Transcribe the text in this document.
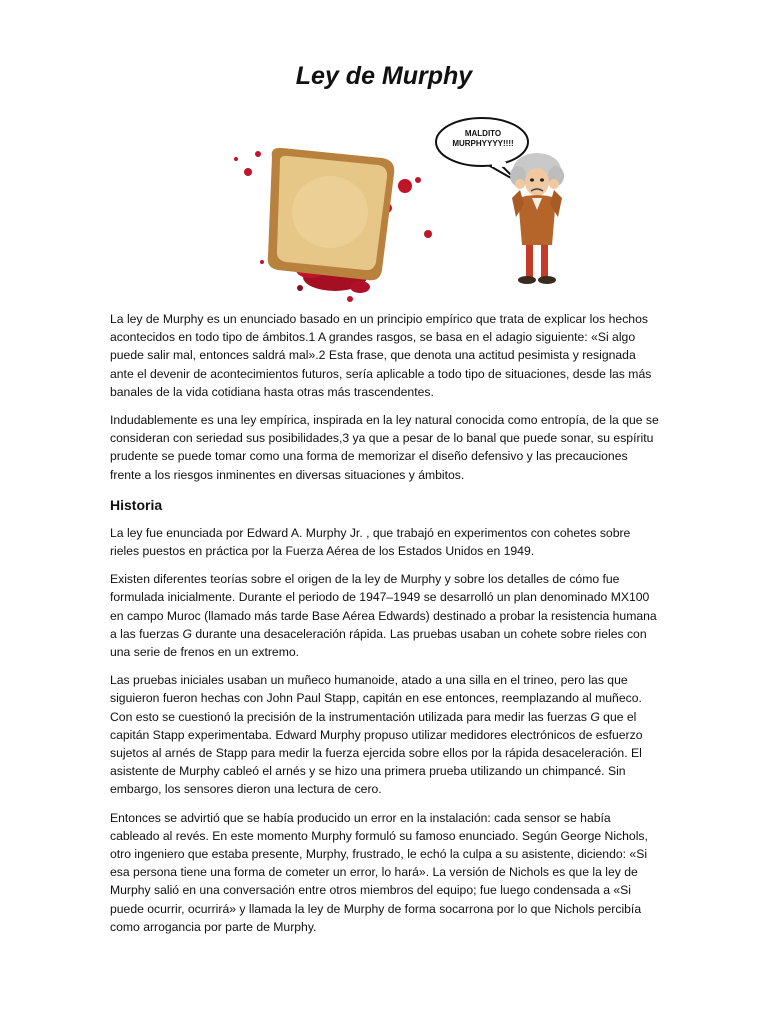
Ley de Murphy
MALDITO MURPHYYYY!!!!

La ley de Murphy es un enunciado basado en un principio empírico que trata de explicar los hechos acontecidos en todo tipo de ámbitos.1 A grandes rasgos, se basa en el adagio siguiente: «Si algo puede salir mal, entonces saldrá mal».2 Esta frase, que denota una actitud pesimista y resignada ante el devenir de acontecimientos futuros, sería aplicable a todo tipo de situaciones, desde las más banales de la vida cotidiana hasta otras más trascendentes.

Indudablemente es una ley empírica, inspirada en la ley natural conocida como entropía, de la que se consideran con seriedad sus posibilidades,3 ya que a pesar de lo banal que puede sonar, su espíritu prudente se puede tomar como una forma de memorizar el diseño defensivo y las precauciones frente a los riesgos inminentes en diversas situaciones y ámbitos.

Historia

La ley fue enunciada por Edward A. Murphy Jr. , que trabajó en experimentos con cohetes sobre rieles puestos en práctica por la Fuerza Aérea de los Estados Unidos en 1949.

Existen diferentes teorías sobre el origen de la ley de Murphy y sobre los detalles de cómo fue formulada inicialmente. Durante el periodo de 1947–1949 se desarrolló un plan denominado MX100 en campo Muroc (llamado más tarde Base Aérea Edwards) destinado a probar la resistencia humana a las fuerzas G durante una desaceleración rápida. Las pruebas usaban un cohete sobre rieles con una serie de frenos en un extremo.

Las pruebas iniciales usaban un muñeco humanoide, atado a una silla en el trineo, pero las que siguieron fueron hechas con John Paul Stapp, capitán en ese entonces, reemplazando al muñeco. Con esto se cuestionó la precisión de la instrumentación utilizada para medir las fuerzas G que el capitán Stapp experimentaba. Edward Murphy propuso utilizar medidores electrónicos de esfuerzo sujetos al arnés de Stapp para medir la fuerza ejercida sobre ellos por la rápida desaceleración. El asistente de Murphy cableó el arnés y se hizo una primera prueba utilizando un chimpancé. Sin embargo, los sensores dieron una lectura de cero.

Entonces se advirtió que se había producido un error en la instalación: cada sensor se había cableado al revés. En este momento Murphy formuló su famoso enunciado. Según George Nichols, otro ingeniero que estaba presente, Murphy, frustrado, le echó la culpa a su asistente, diciendo: «Si esa persona tiene una forma de cometer un error, lo hará». La versión de Nichols es que la ley de Murphy salió en una conversación entre otros miembros del equipo; fue luego condensada a «Si puede ocurrir, ocurrirá» y llamada la ley de Murphy de forma socarrona por lo que Nichols percibía como arrogancia por parte de Murphy.
